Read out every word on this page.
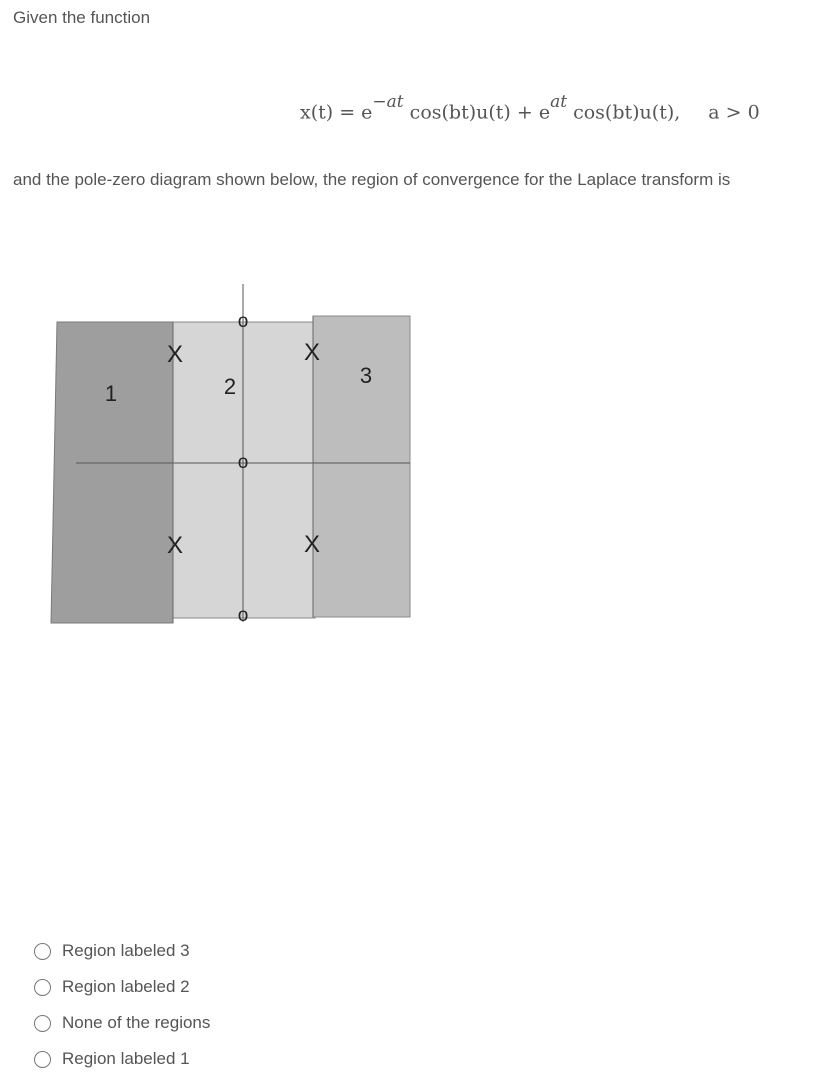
Given the function
$x(t) = e^{-at}$ $\cos(bt)u(t) + e^{at}$ cos(bt)u(t), a > 0
and the pole-zero diagram shown below, the region of convergence for the Laplace transform is
X	X
X	X
o
o
o
1	2	3
Region labeled 3
Region labeled 2
None of the regions
Region labeled 1
